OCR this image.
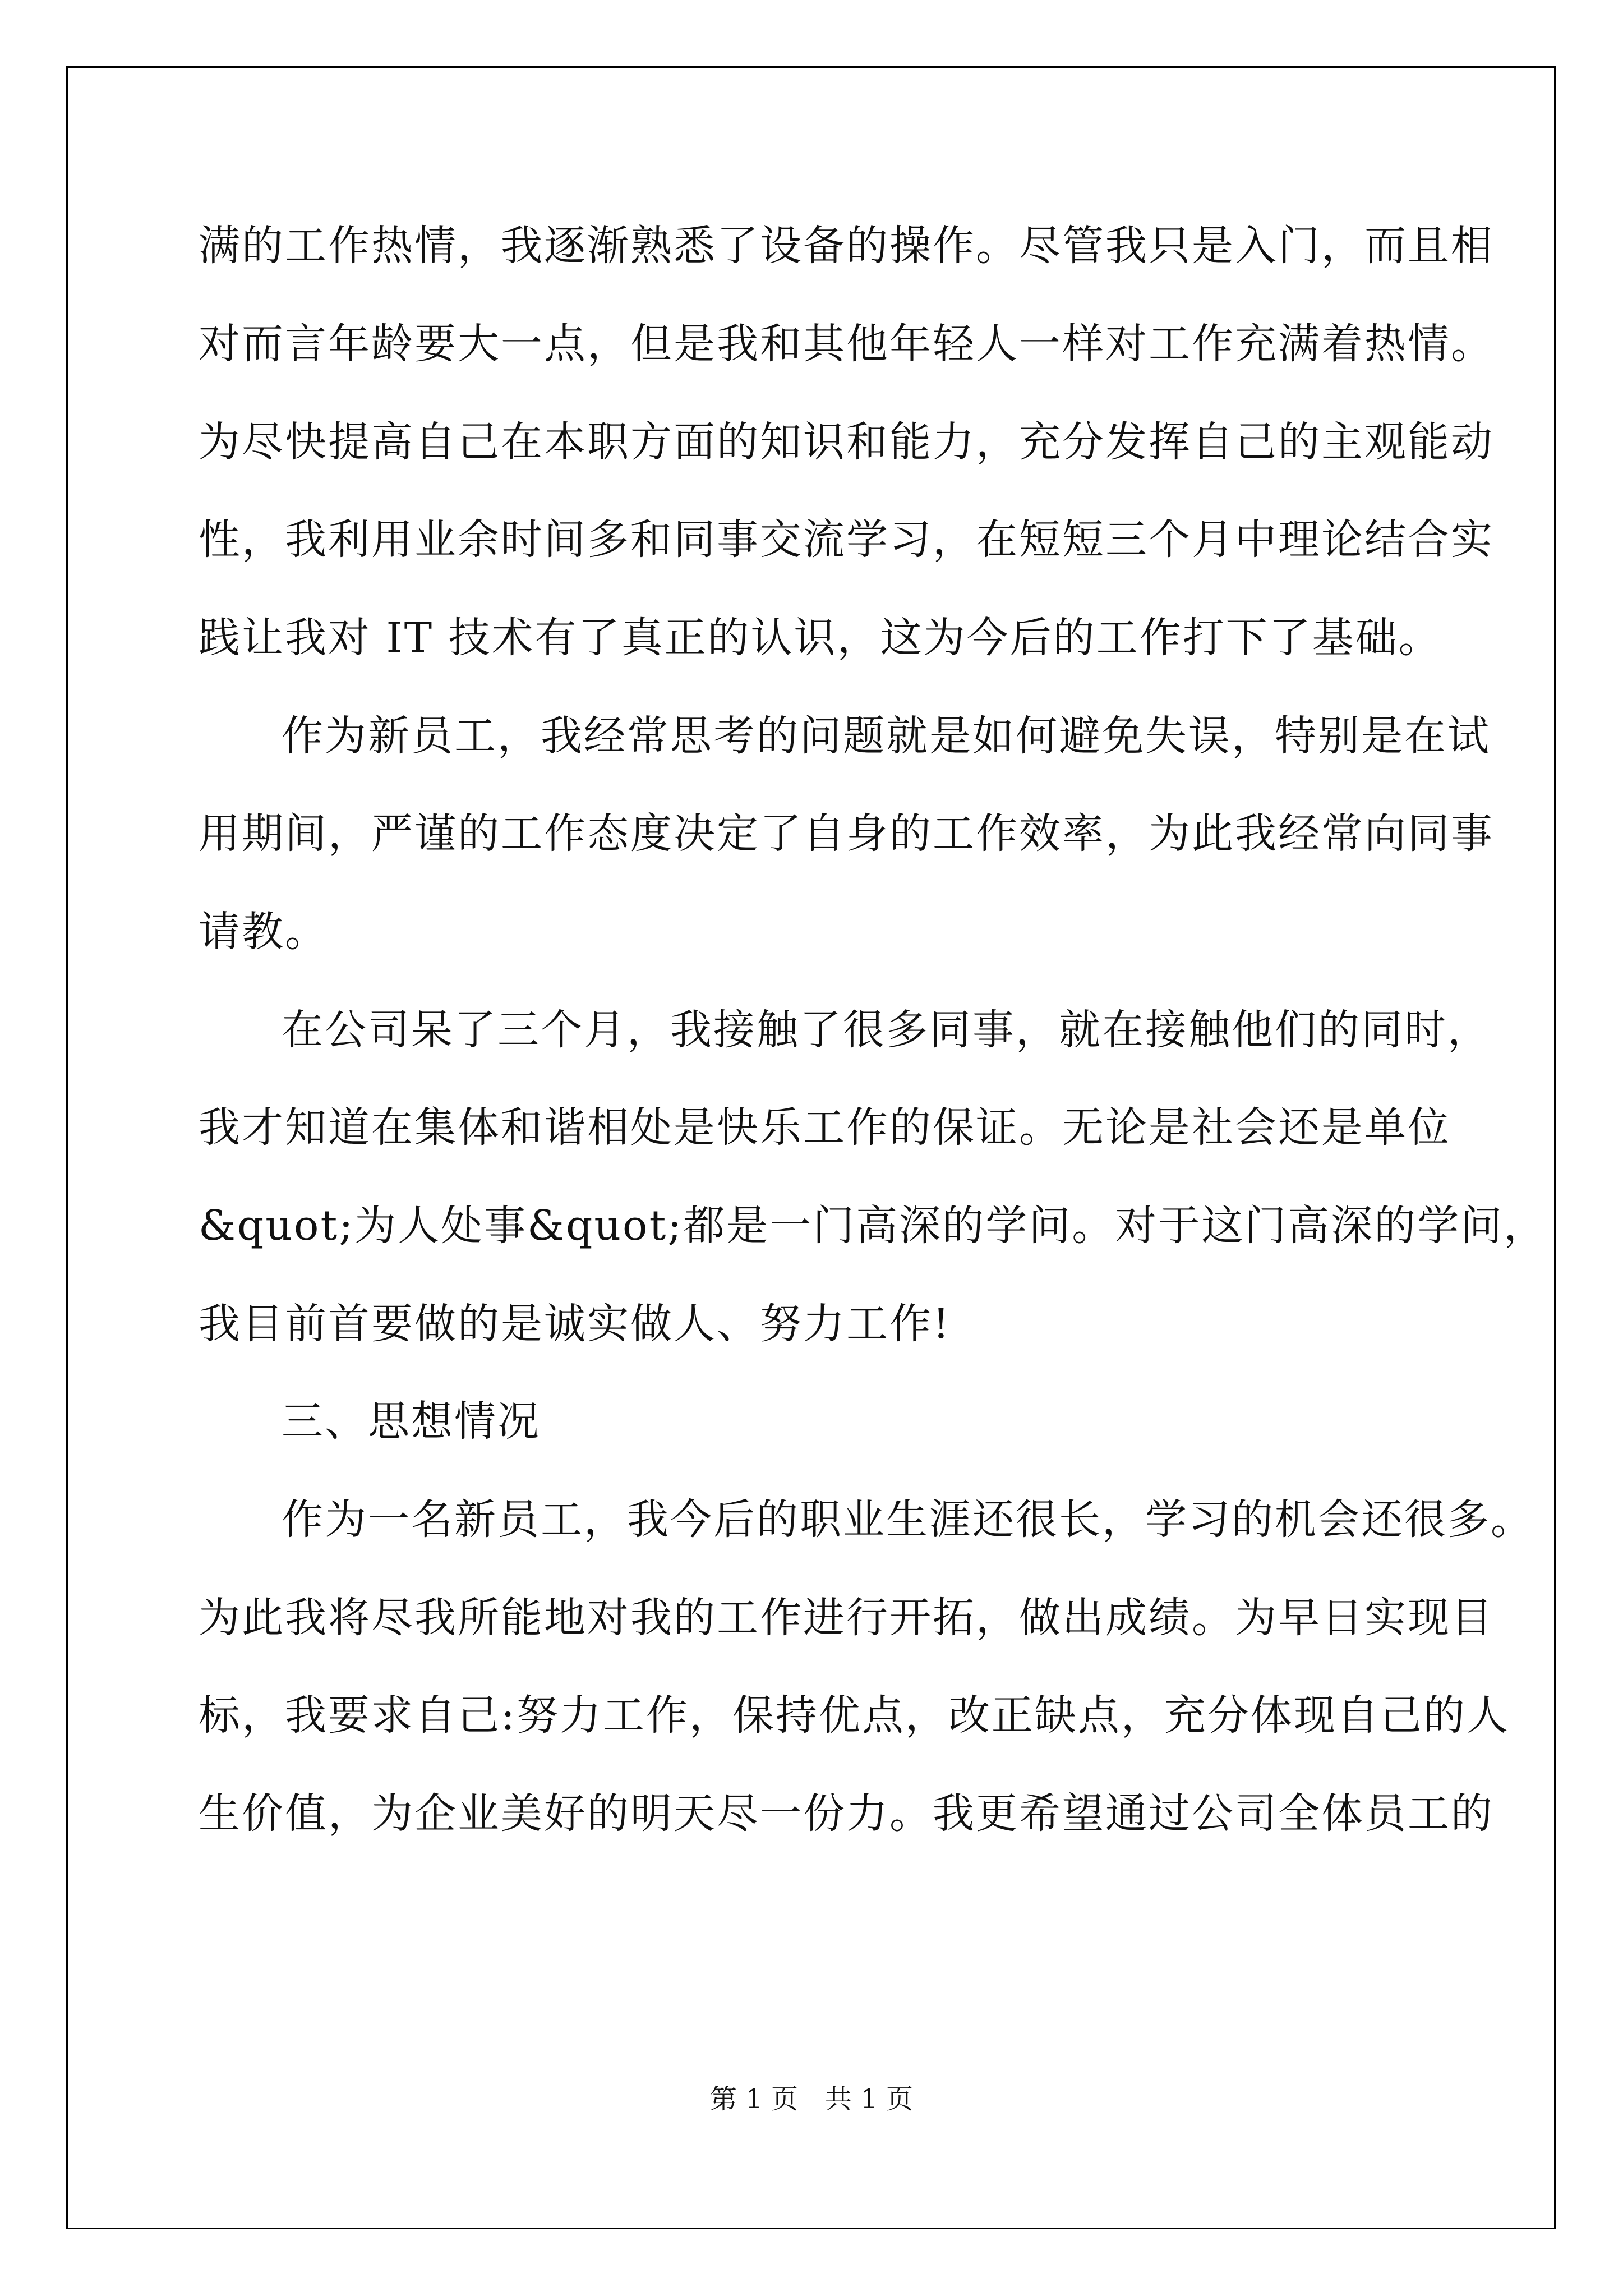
满的工作热情，我逐渐熟悉了设备的操作。尽管我只是入门，而且相
对而言年龄要大一点，但是我和其他年轻人一样对工作充满着热情。
为尽快提高自己在本职方面的知识和能力，充分发挥自己的主观能动
性，我利用业余时间多和同事交流学习，在短短三个月中理论结合实
践让我对 IT 技术有了真正的认识，这为今后的工作打下了基础。
作为新员工，我经常思考的问题就是如何避免失误，特别是在试
用期间，严谨的工作态度决定了自身的工作效率，为此我经常向同事
请教。
在公司呆了三个月，我接触了很多同事，就在接触他们的同时，
我才知道在集体和谐相处是快乐工作的保证。无论是社会还是单位
&quot;为人处事&quot;都是一门高深的学问。对于这门高深的学问，
我目前首要做的是诚实做人、努力工作!
三、思想情况
作为一名新员工，我今后的职业生涯还很长，学习的机会还很多。
为此我将尽我所能地对我的工作进行开拓，做出成绩。为早日实现目
标，我要求自己:努力工作，保持优点，改正缺点，充分体现自己的人
生价值，为企业美好的明天尽一份力。我更希望通过公司全体员工的
第 1 页 共 1 页
